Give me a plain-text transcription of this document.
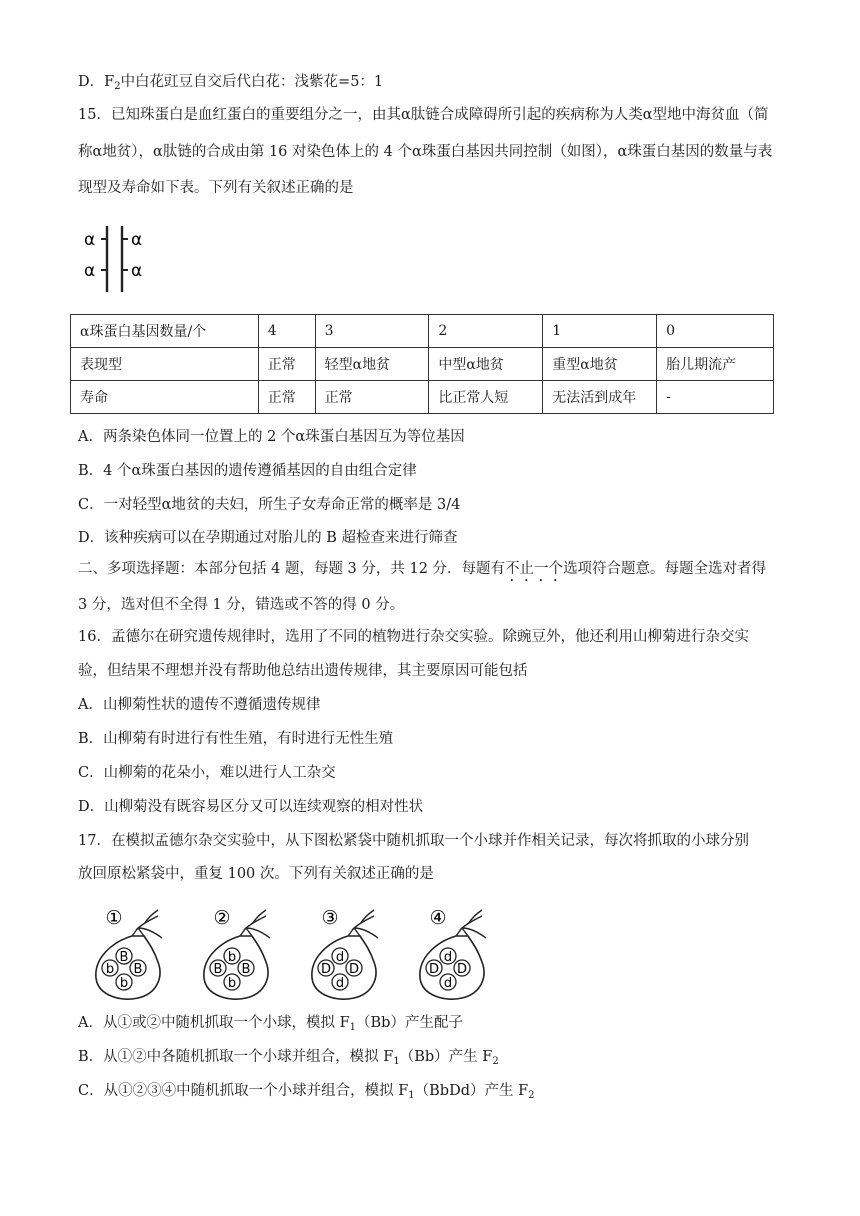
D．$F_2$中白花豇豆自交后代白花：浅紫花=5：1
15．已知珠蛋白是血红蛋白的重要组分之一，由其α肽链合成障碍所引起的疾病称为人类α型地中海贫血（简
称α地贫），α肽链的合成由第 16 对染色体上的 4 个α珠蛋白基因共同控制（如图），α珠蛋白基因的数量与表
现型及寿命如下表。下列有关叙述正确的是
α
α
α
α
α珠蛋白基因数量/个	4	3	2	1	0
表现型	正常	轻型α地贫	中型α地贫	重型α地贫	胎儿期流产
寿命	正常	正常	比正常人短	无法活到成年	-
A．两条染色体同一位置上的 2 个α珠蛋白基因互为等位基因
B．4 个α珠蛋白基因的遗传遵循基因的自由组合定律
C．一对轻型α地贫的夫妇，所生子女寿命正常的概率是 3/4
D．该种疾病可以在孕期通过对胎儿的 B 超检查来进行筛查
二、多项选择题：本部分包括 4 题，每题 3 分，共 12 分．每题有不止一个选项符合题意。每题全选对者得
3 分，选对但不全得 1 分，错选或不答的得 0 分。
16．孟德尔在研究遗传规律时，选用了不同的植物进行杂交实验。除豌豆外，他还利用山柳菊进行杂交实
验，但结果不理想并没有帮助他总结出遗传规律，其主要原因可能包括
A．山柳菊性状的遗传不遵循遗传规律
B．山柳菊有时进行有性生殖，有时进行无性生殖
C．山柳菊的花朵小，难以进行人工杂交
D．山柳菊没有既容易区分又可以连续观察的相对性状
17．在模拟孟德尔杂交实验中，从下图松紧袋中随机抓取一个小球并作相关记录，每次将抓取的小球分别
放回原松紧袋中，重复 100 次。下列有关叙述正确的是
①
b
B
B
b
②
B
b
B
b
③
D
d
D
d
④
D
d
D
d
A．从①或②中随机抓取一个小球，模拟 $F_1(Bb)$产生配子
B．从①②中各随机抓取一个小球并组合，模拟 $F_1(Bb)$产生 $F_2$
C．从①②③④中随机抓取一个小球并组合，模拟 $F_1(BbDd)$产生 $F_2$
